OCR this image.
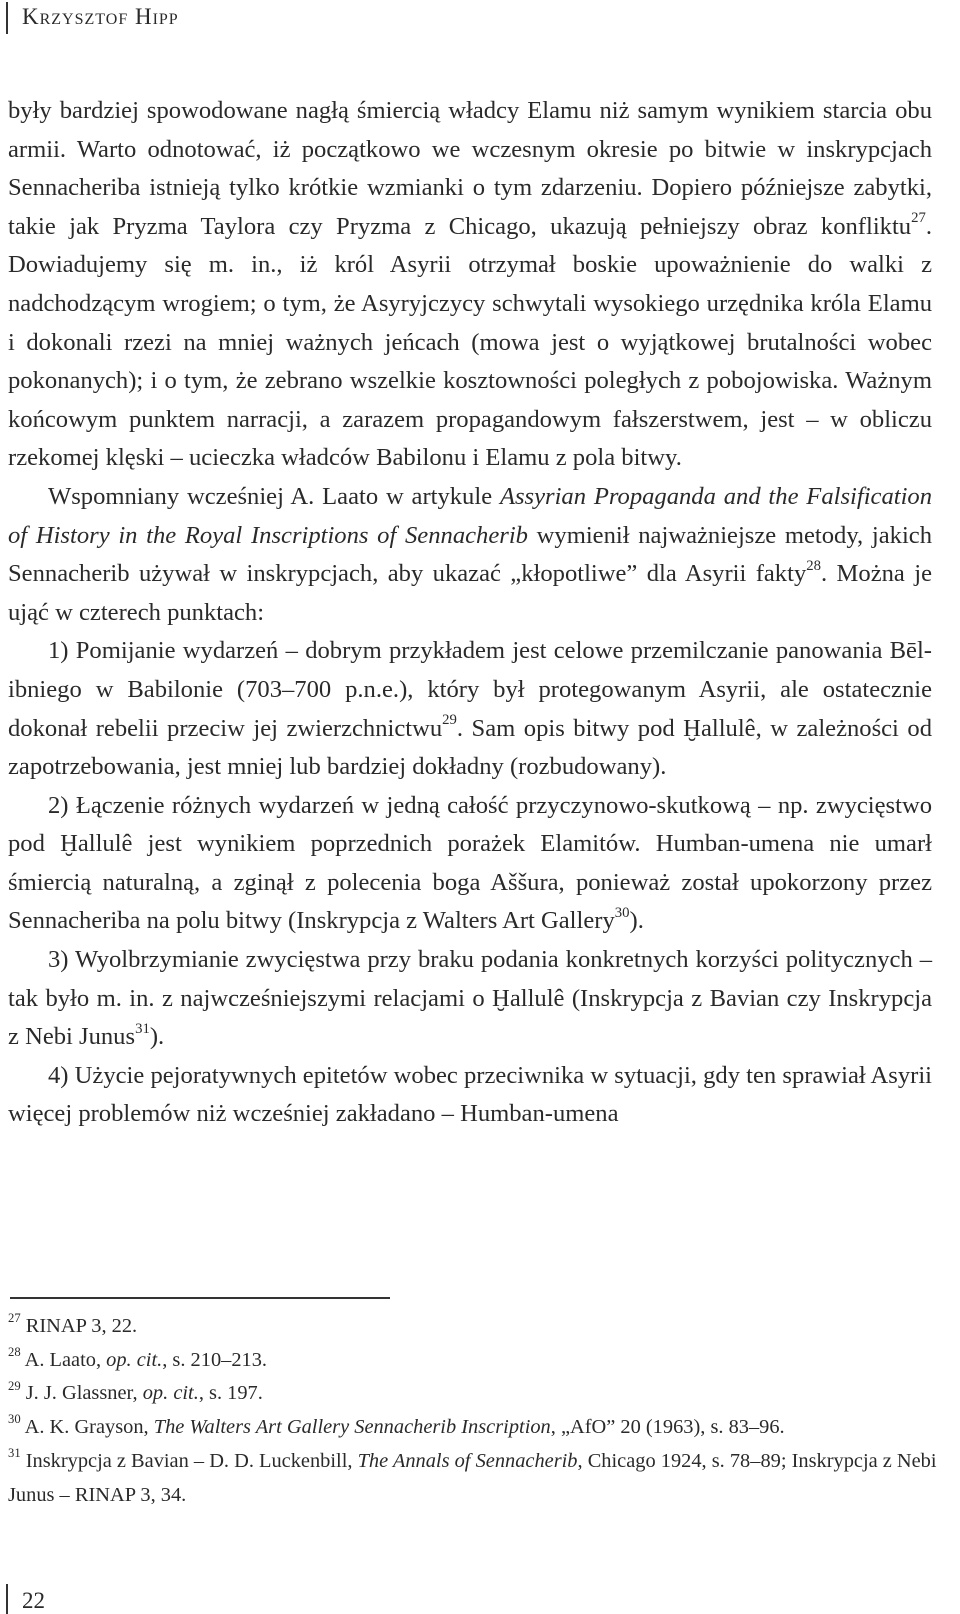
Krzysztof Hipp

były bardziej spowodowane nagłą śmiercią władcy Elamu niż samym wynikiem starcia obu armii. Warto odnotować, iż początkowo we wczesnym okresie po bitwie w inskrypcjach Sennacheriba istnieją tylko krótkie wzmianki o tym zdarzeniu. Dopiero późniejsze zabytki, takie jak Pryzma Taylora czy Pryzma z Chicago, ukazują pełniejszy obraz konfliktu$^{27}$. Dowiadujemy się m. in., iż król Asyrii otrzymał boskie upoważnienie do walki z nadchodzącym wrogiem; o tym, że Asyryjczycy schwytali wysokiego urzędnika króla Elamu i dokonali rzezi na mniej ważnych jeńcach (mowa jest o wyjątkowej brutalności wobec pokonanych); i o tym, że zebrano wszelkie kosztowności poległych z pobojowiska. Ważnym końcowym punktem narracji, a zarazem propagandowym fałszerstwem, jest – w obliczu rzekomej klęski – ucieczka władców Babilonu i Elamu z pola bitwy.

Wspomniany wcześniej A. Laato w artykule Assyrian Propaganda and the Falsification of History in the Royal Inscriptions of Sennacherib wymienił najważniejsze metody, jakich Sennacherib używał w inskrypcjach, aby ukazać „kłopotliwe” dla Asyrii fakty$^{28}$. Można je ująć w czterech punktach:

1) Pomijanie wydarzeń – dobrym przykładem jest celowe przemilczanie panowania Bēl-ibniego w Babilonie (703–700 p.n.e.), który był protegowanym Asyrii, ale ostatecznie dokonał rebelii przeciw jej zwierzchnictwu$^{29}$. Sam opis bitwy pod Ḫallulê, w zależności od zapotrzebowania, jest mniej lub bardziej dokładny (rozbudowany).

2) Łączenie różnych wydarzeń w jedną całość przyczynowo-skutkową – np. zwycięstwo pod Ḫallulê jest wynikiem poprzednich porażek Elamitów. Humban-umena nie umarł śmiercią naturalną, a zginął z polecenia boga Aššura, ponieważ został upokorzony przez Sennacheriba na polu bitwy (Inskrypcja z Walters Art Gallery$^{30}$).

3) Wyolbrzymianie zwycięstwa przy braku podania konkretnych korzyści politycznych – tak było m. in. z najwcześniejszymi relacjami o Ḫallulê (Inskrypcja z Bavian czy Inskrypcja z Nebi Junus$^{31}$).

4) Użycie pejoratywnych epitetów wobec przeciwnika w sytuacji, gdy ten sprawiał Asyrii więcej problemów niż wcześniej zakładano – Humban-umena

$^{27}$ RINAP 3, 22.
$^{28}$ A. Laato, op. cit., s. 210–213.
$^{29}$ J. J. Glassner, op. cit., s. 197.
$^{30}$ A. K. Grayson, The Walters Art Gallery Sennacherib Inscription, „AfO” 20 (1963), s. 83–96.
$^{31}$ Inskrypcja z Bavian – D. D. Luckenbill, The Annals of Sennacherib, Chicago 1924, s. 78–89; Inskrypcja z Nebi Junus – RINAP 3, 34.
22
